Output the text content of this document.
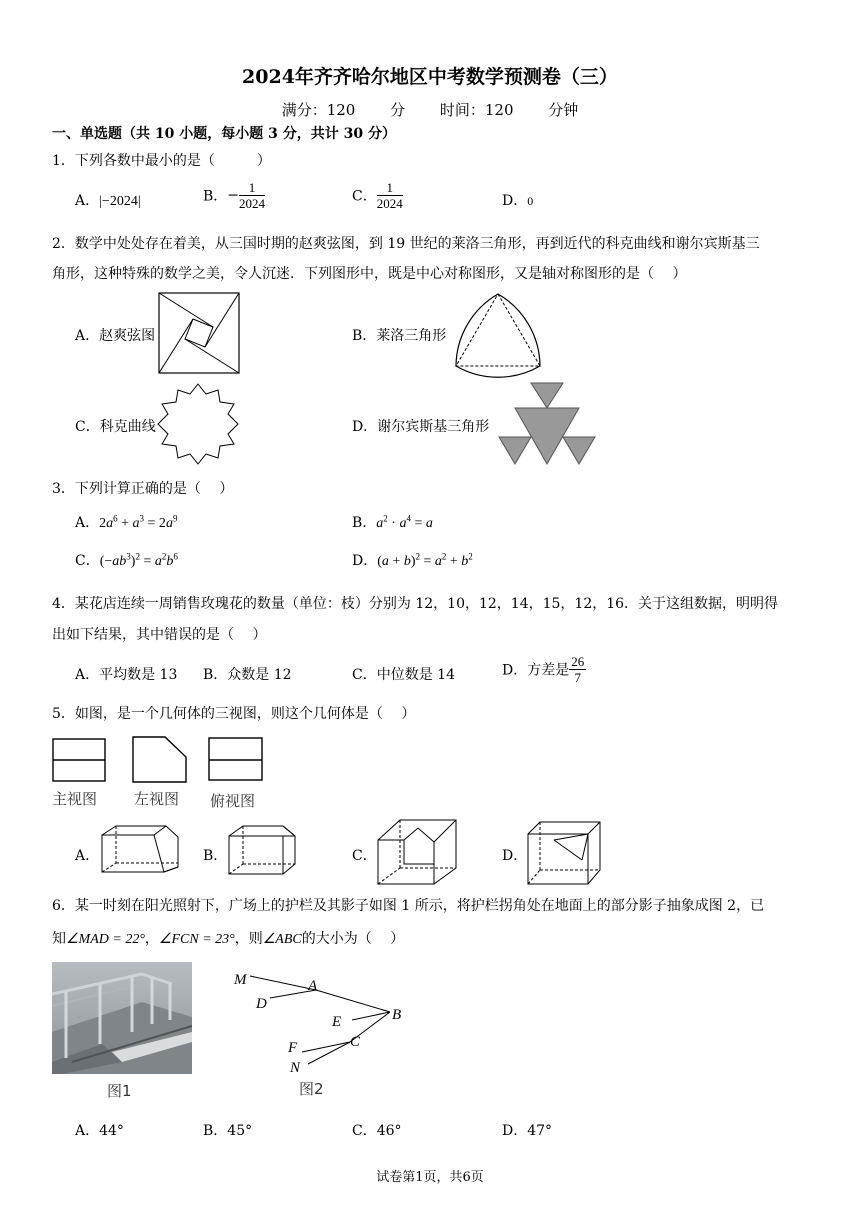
2024年齐齐哈尔地区中考数学预测卷（三）
满分：120 分 时间：120 分钟
一、单选题（共 10 小题，每小题 3 分，共计 30 分）
1．下列各数中最小的是（　　　）
A．|−2024|	B．− $\frac{1}{2024}$	C． $\frac{1}{2024}$	D．0
2．数学中处处存在着美，从三国时期的赵爽弦图，到 19 世纪的莱洛三角形，再到近代的科克曲线和谢尔宾斯基三
角形，这种特殊的数学之美，令人沉迷．下列图形中，既是中心对称图形，又是轴对称图形的是（　 ）
A．赵爽弦图	B．莱洛三角形
C．科克曲线	D．谢尔宾斯基三角形
3．下列计算正确的是（　 ）
A．$2a^6 + a^3 = 2a^9$	B．$a^2 \cdot a^4 = a$
C．$(-ab^3)^2 = a^2b^6$	D．$(a + b)^2 = a^2 + b^2$
4．某花店连续一周销售玫瑰花的数量（单位：枝）分别为 12，10，12，14，15，12，16．关于这组数据，明明得
出如下结果，其中错误的是（　 ）
A．平均数是 13 B．众数是 12	C．中位数是 14	D．方差是 $\frac{26}{7}$
5．如图，是一个几何体的三视图，则这个几何体是（　 ）
主视图 左视图 俯视图
A．	B．	C．	D．
6．某一时刻在阳光照射下，广场上的护栏及其影子如图 1 所示，将护栏拐角处在地面上的部分影子抽象成图 2，已
知∠MAD = 22°，∠FCN = 23°，则∠ABC的大小为（　 ）
图1
M
D
A
E	B
F	C
N
图2
A．44°	B．45°	C．46°	D．47°
试卷第1页，共6页
